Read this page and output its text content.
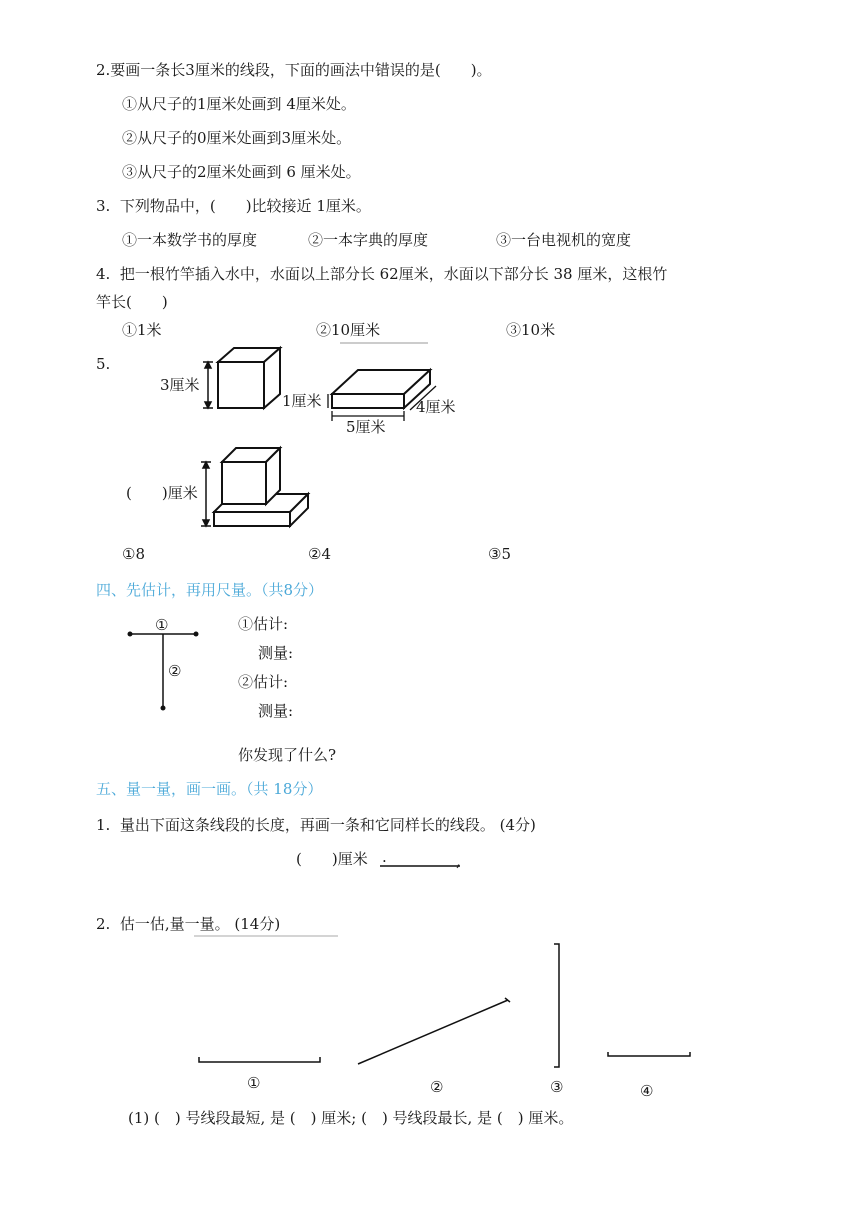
2.要画一条长3厘米的线段，下面的画法中错误的是(　　)。
①从尺子的1厘米处画到 4厘米处。
②从尺子的0厘米处画到3厘米处。
③从尺子的2厘米处画到 6 厘米处。
3.  下列物品中，(　　)比较接近 1厘米。
①一本数学书的厚度	②一本字典的厚度	③一台电视机的宽度
4.  把一根竹竿插入水中，水面以上部分长 62厘米，水面以下部分长 38 厘米，这根竹
竿长(　　)
①1米	②10厘米	③10米
5.
①8	②4	③5
四、先估计，再用尺量。（共8分）
①估计:
测量:
②估计:
测量:
你发现了什么?
五、量一量，画一画。（共 18分）
1.  量出下面这条线段的长度，再画一条和它同样长的线段。 (4分)
(　　)厘米
2.  估一估,量一量。 (14分)
(1) (　) 号线段最短, 是 (　) 厘米; (　) 号线段最长, 是 (　) 厘米。
3厘米
1厘米	4厘米
5厘米
(　　)厘米
①
②
.	,
①	②	③	④
